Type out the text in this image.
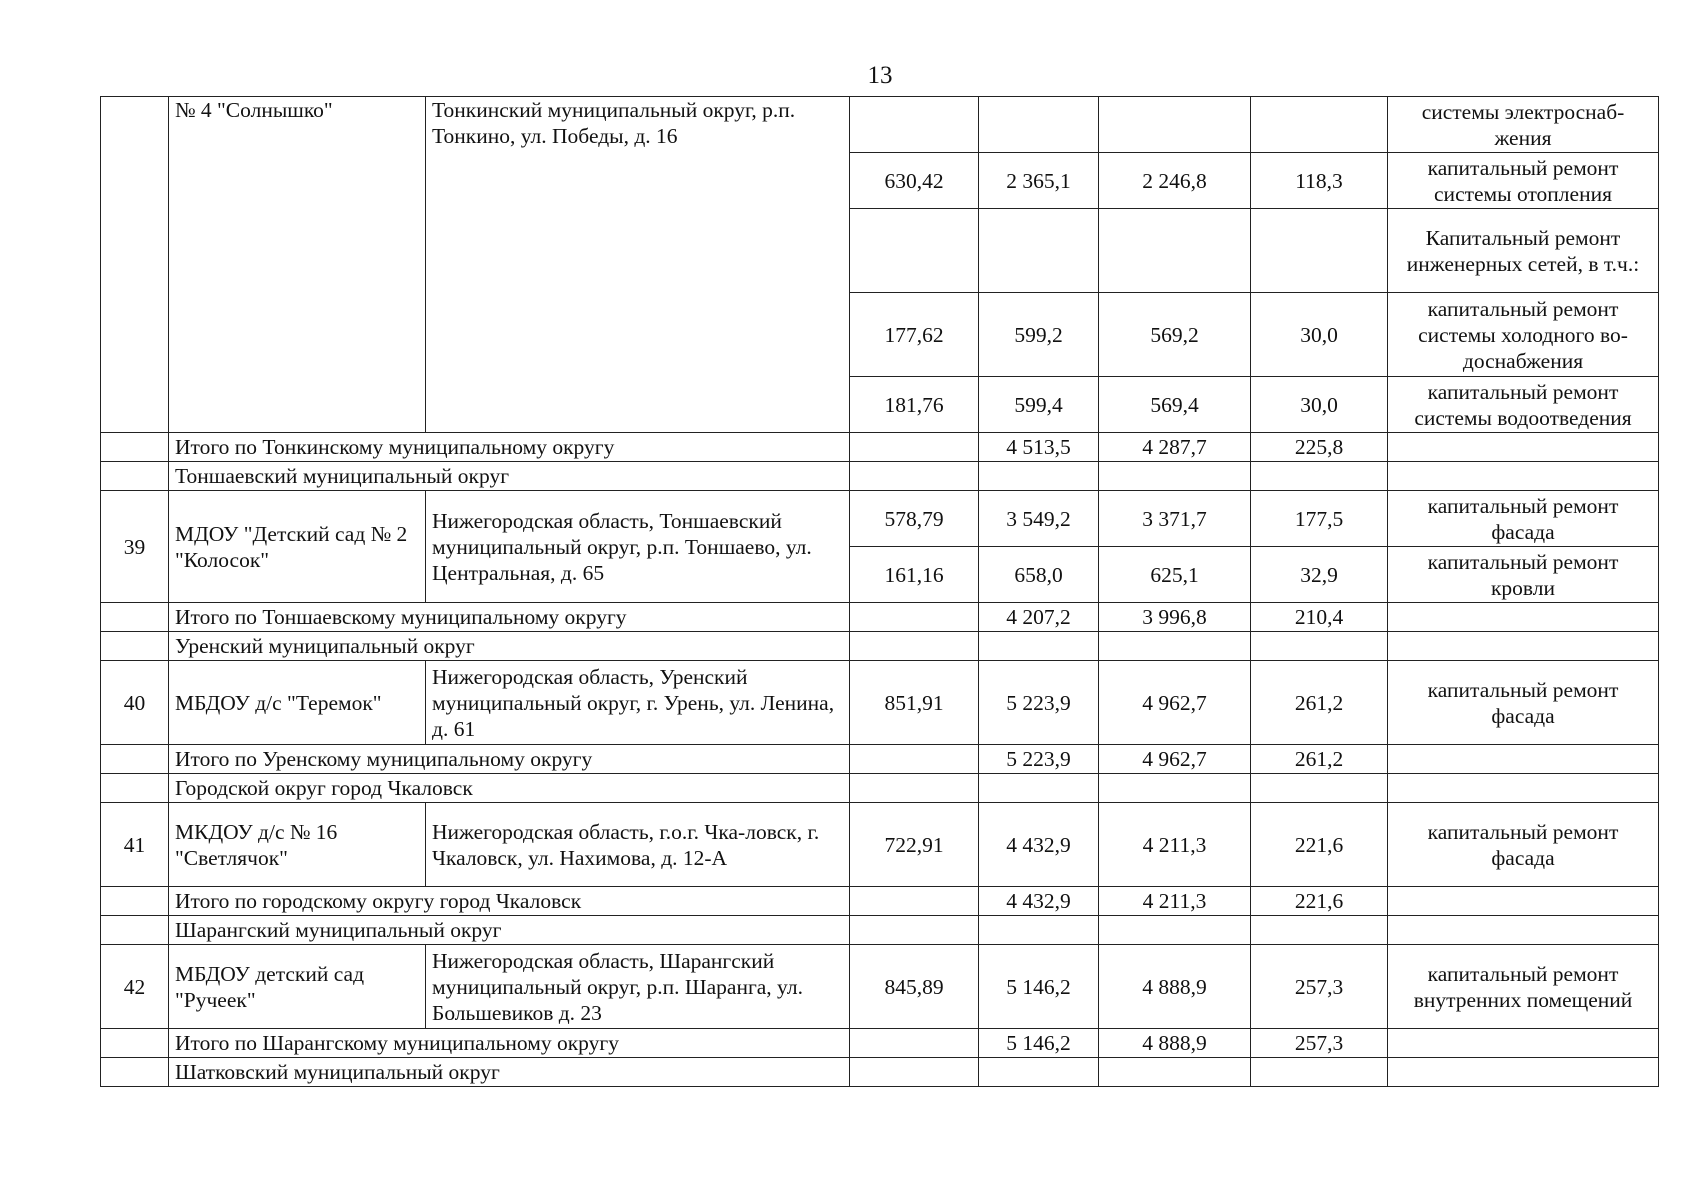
13
	№ 4 "Солнышко"	Тонкинский муниципальный округ, р.п. Тонкино, ул. Победы, д. 16					системы электроснаб-жения
			630,42	2 365,1	2 246,8	118,3	капитальный ремонт системы отопления
							Капитальный ремонт инженерных сетей, в т.ч.:
			177,62	599,2	569,2	30,0	капитальный ремонт системы холодного во-доснабжения
			181,76	599,4	569,4	30,0	капитальный ремонт системы водоотведения
	Итого по Тонкинскому муниципальному округу			4 513,5	4 287,7	225,8	
	Тоншаевский муниципальный округ						
39	МДОУ "Детский сад № 2 "Колосок"	Нижегородская область, Тоншаевский муниципальный округ, р.п. Тоншаево, ул. Центральная, д. 65	578,79	3 549,2	3 371,7	177,5	капитальный ремонт фасада
			161,16	658,0	625,1	32,9	капитальный ремонт кровли
	Итого по Тоншаевскому муниципальному округу			4 207,2	3 996,8	210,4	
	Уренский муниципальный округ						
40	МБДОУ д/с "Теремок"	Нижегородская область, Уренский муниципальный округ, г. Урень, ул. Ленина, д. 61	851,91	5 223,9	4 962,7	261,2	капитальный ремонт фасада
	Итого по Уренскому муниципальному округу			5 223,9	4 962,7	261,2	
	Городской округ город Чкаловск						
41	МКДОУ д/с № 16 "Светлячок"	Нижегородская область, г.о.г. Чка-ловск, г. Чкаловск, ул. Нахимова, д. 12-А	722,91	4 432,9	4 211,3	221,6	капитальный ремонт фасада
	Итого по городскому округу город Чкаловск			4 432,9	4 211,3	221,6	
	Шарангский муниципальный округ						
42	МБДОУ детский сад "Ручеек"	Нижегородская область, Шарангский муниципальный округ, р.п. Шаранга, ул. Большевиков д. 23	845,89	5 146,2	4 888,9	257,3	капитальный ремонт внутренних помещений
	Итого по Шарангскому муниципальному округу			5 146,2	4 888,9	257,3	
	Шатковский муниципальный округ						
